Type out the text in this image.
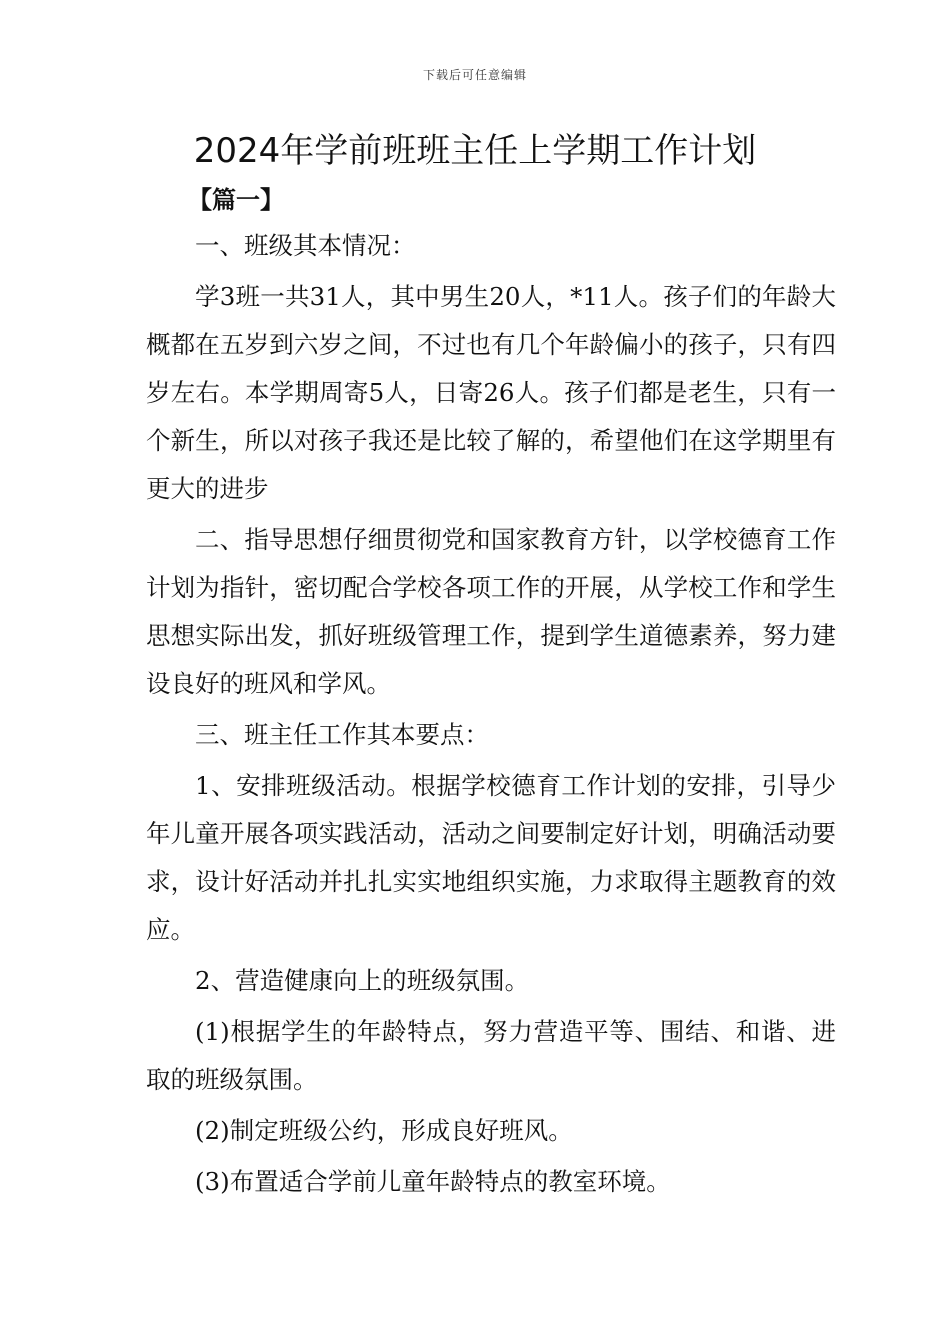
下载后可任意编辑
2024年学前班班主任上学期工作计划
【篇一】

一、班级其本情况：

学3班一共31人，其中男生20人，*11人。孩子们的年龄大概都在五岁到六岁之间，不过也有几个年龄偏小的孩子，只有四岁左右。本学期周寄5人，日寄26人。孩子们都是老生，只有一个新生，所以对孩子我还是比较了解的，希望他们在这学期里有更大的进步

二、指导思想仔细贯彻党和国家教育方针，以学校德育工作计划为指针，密切配合学校各项工作的开展，从学校工作和学生思想实际出发，抓好班级管理工作，提到学生道德素养，努力建设良好的班风和学风。

三、班主任工作其本要点：

1、安排班级活动。根据学校德育工作计划的安排，引导少年儿童开展各项实践活动，活动之间要制定好计划，明确活动要求，设计好活动并扎扎实实地组织实施，力求取得主题教育的效应。

2、营造健康向上的班级氛围。

(1)根据学生的年龄特点，努力营造平等、围结、和谐、进取的班级氛围。

(2)制定班级公约，形成良好班风。

(3)布置适合学前儿童年龄特点的教室环境。
